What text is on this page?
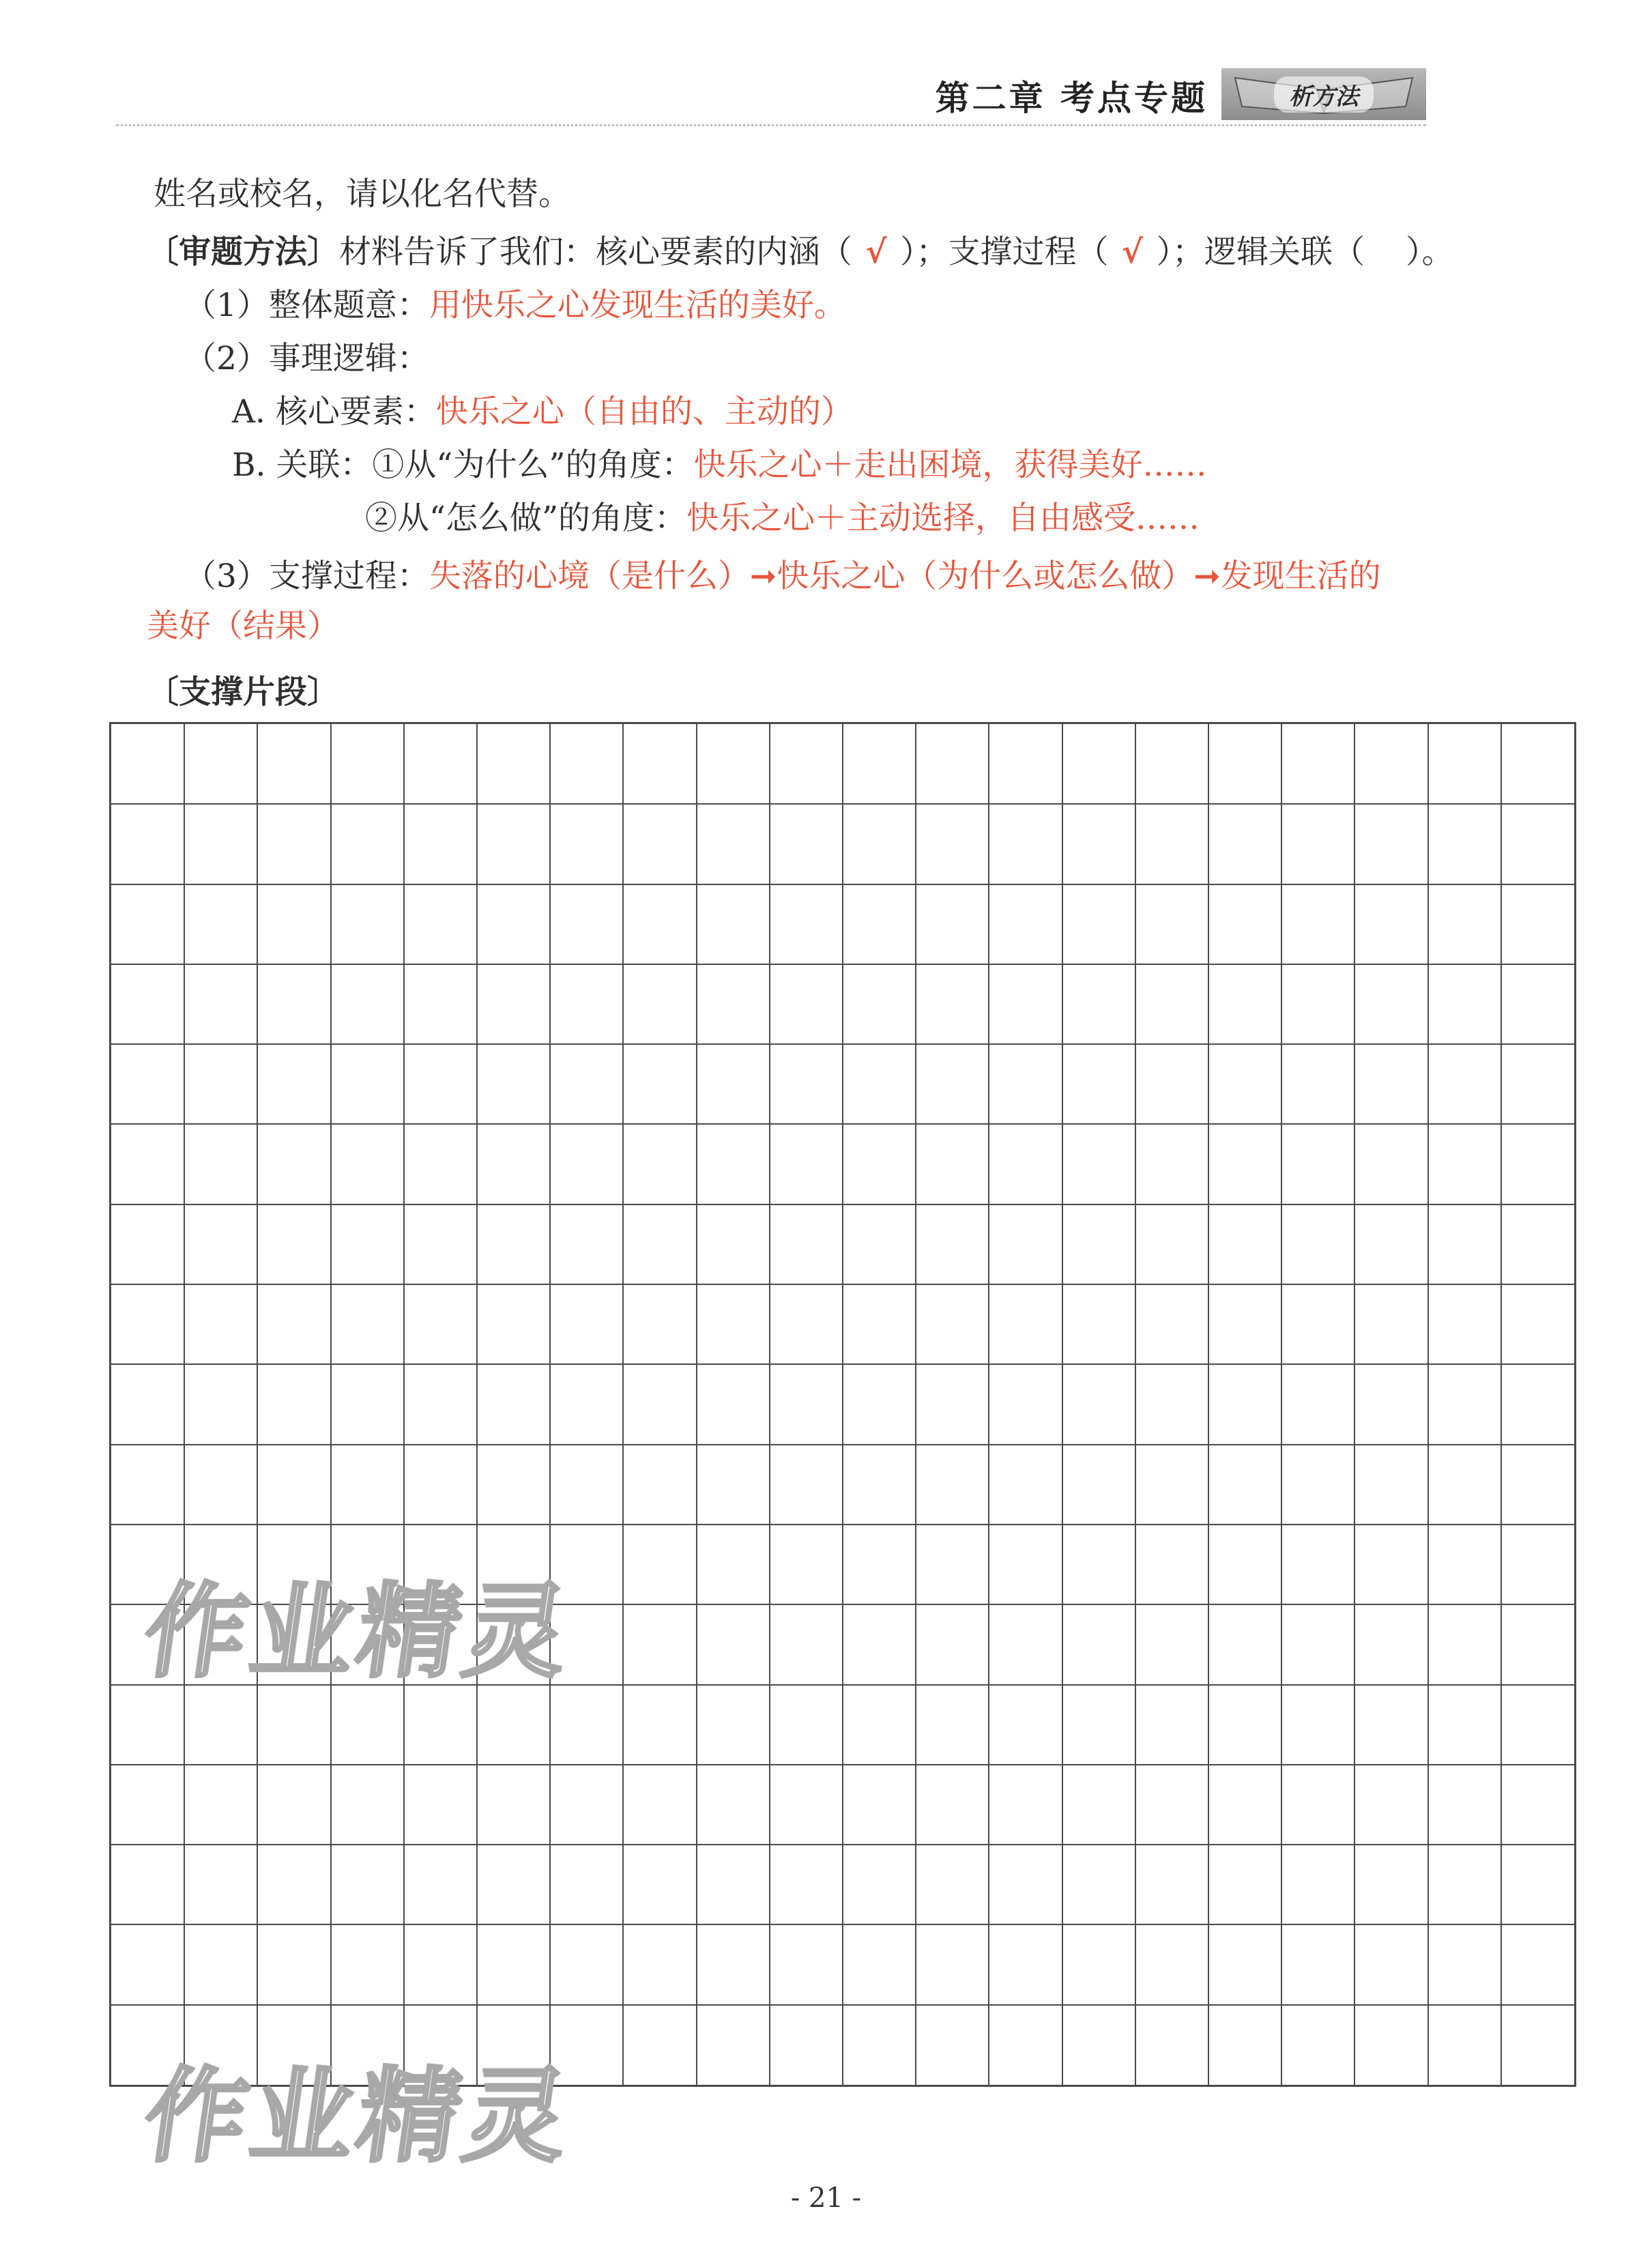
第二章 考点专题	析方法
姓名或校名，请以化名代替。
〔审题方法〕材料告诉了我们：核心要素的内涵（ √ ）；支撑过程（ √ ）；逻辑关联（ ）。
（1）整体题意：用快乐之心发现生活的美好。
（2）事理逻辑：
A. 核心要素：快乐之心（自由的、主动的）
B. 关联：①从“为什么”的角度：快乐之心＋走出困境，获得美好……
②从“怎么做”的角度：快乐之心＋主动选择，自由感受……
（3）支撑过程：失落的心境（是什么）➞快乐之心（为什么或怎么做）➞发现生活的
美好（结果）
〔支撑片段〕
作业精灵
作业精灵
- 21 -
